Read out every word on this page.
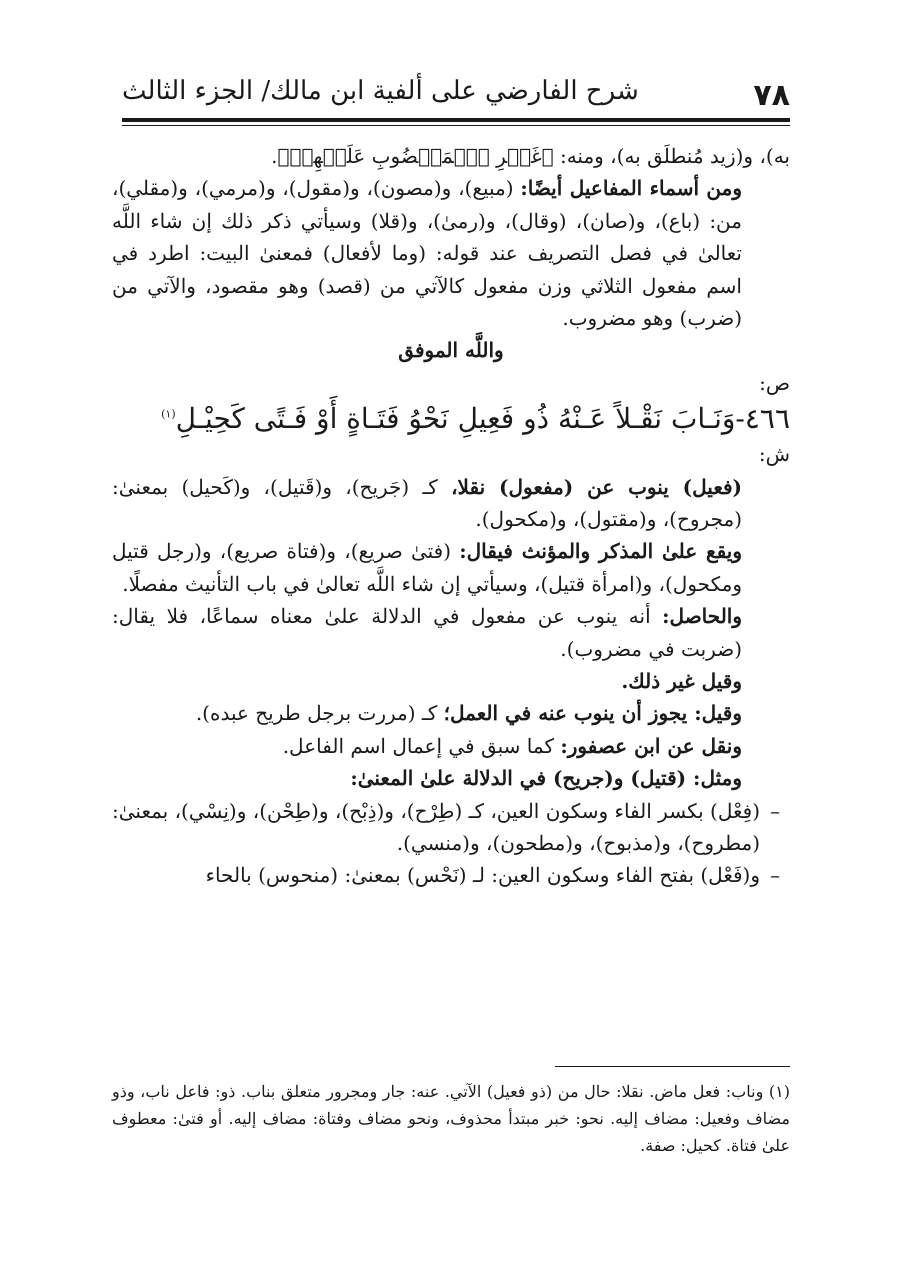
٧٨
شرح الفارضي على ألفية ابن مالك/ الجزء الثالث

به)، و(زيد مُنطلَق به)، ومنه: ﴿غَيۡرِ ٱلۡمَغۡضُوبِ عَلَيۡهِمۡ﴾.

ومن أسماء المفاعيل أيضًا: (مبيع)، و(مصون)، و(مقول)، و(مرمي)، و(مقلي)، من: (باع)، و(صان)، (وقال)، و(رمىٰ)، و(قلا) وسيأتي ذكر ذلك إن شاء اللَّه تعالىٰ في فصل التصريف عند قوله: (وما لأفعال) فمعنىٰ البيت: اطرد في اسم مفعول الثلاثي وزن مفعول كالآتي من (قصد) وهو مقصود، والآتي من (ضرب) وهو مضروب.

واللَّه الموفق

ص:

٤٦٦-وَنَـابَ نَقْـلاً عَـنْهُ ذُو فَعِيلِ نَحْوُ فَتَـاةٍ أَوْ فَـتًى كَحِيْـلِ$^{(١)}$

ش:

(فعيل) ينوب عن (مفعول) نقلا، كـ (جَريح)، و(قَتيل)، و(كَحيل) بمعنىٰ: (مجروح)، و(مقتول)، و(مكحول).

ويقع علىٰ المذكر والمؤنث فيقال: (فتىٰ صريع)، و(فتاة صريع)، و(رجل قتيل ومكحول)، و(امرأة قتيل)، وسيأتي إن شاء اللَّه تعالىٰ في باب التأنيث مفصلًا.

والحاصل: أنه ينوب عن مفعول في الدلالة علىٰ معناه سماعًا، فلا يقال: (ضربت في مضروب).

وقيل غير ذلك.

وقيل: يجوز أن ينوب عنه في العمل؛ كـ (مررت برجل طريح عبده).

ونقل عن ابن عصفور: كما سبق في إعمال اسم الفاعل.

ومثل: (قتيل) و(جريح) في الدلالة علىٰ المعنىٰ:

–
(فِعْل) بكسر الفاء وسكون العين، كـ (طِرْح)، و(ذِبْح)، و(طِحْن)، و(نِسْي)، بمعنىٰ: (مطروح)، و(مذبوح)، و(مطحون)، و(منسي).
–
و(فَعْل) بفتح الفاء وسكون العين: لـ (نَحْس) بمعنىٰ: (منحوس) بالحاء
(١) وناب: فعل ماض. نقلا: حال من (ذو فعيل) الآتي. عنه: جار ومجرور متعلق بناب. ذو: فاعل ناب، وذو مضاف وفعيل: مضاف إليه. نحو: خبر مبتدأ محذوف، ونحو مضاف وفتاة: مضاف إليه. أو فتىٰ: معطوف علىٰ فتاة. كحيل: صفة.
